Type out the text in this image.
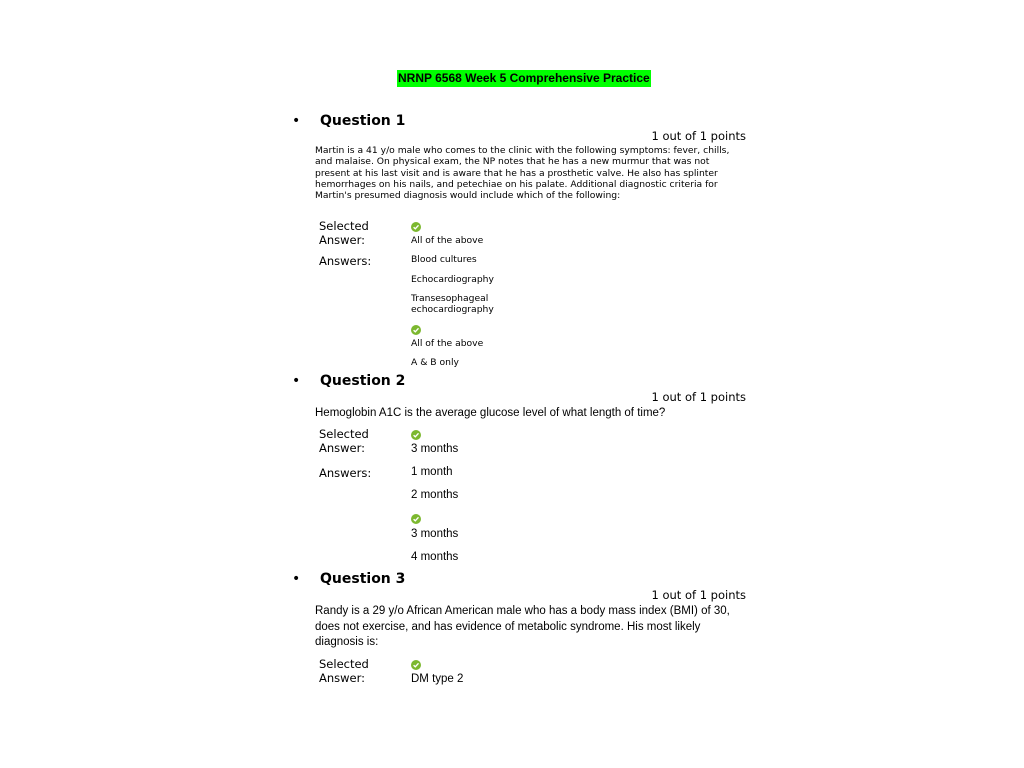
NRNP 6568 Week 5 Comprehensive Practice
• Question 1
1 out of 1 points
Martin is a 41 y/o male who comes to the clinic with the following symptoms: fever, chills,
and malaise. On physical exam, the NP notes that he has a new murmur that was not
present at his last visit and is aware that he has a prosthetic valve. He also has splinter
hemorrhages on his nails, and petechiae on his palate. Additional diagnostic criteria for
Martin's presumed diagnosis would include which of the following:
Selected
Answer:	All of the above
Answers:	Blood cultures
Echocardiography
Transesophageal
echocardiography
All of the above
A & B only
• Question 2
1 out of 1 points
Hemoglobin A1C is the average glucose level of what length of time?
Selected
Answer:	3 months
Answers:	1 month
2 months
3 months
4 months
• Question 3
1 out of 1 points
Randy is a 29 y/o African American male who has a body mass index (BMI) of 30,
does not exercise, and has evidence of metabolic syndrome. His most likely
diagnosis is:
Selected
Answer:	DM type 2
